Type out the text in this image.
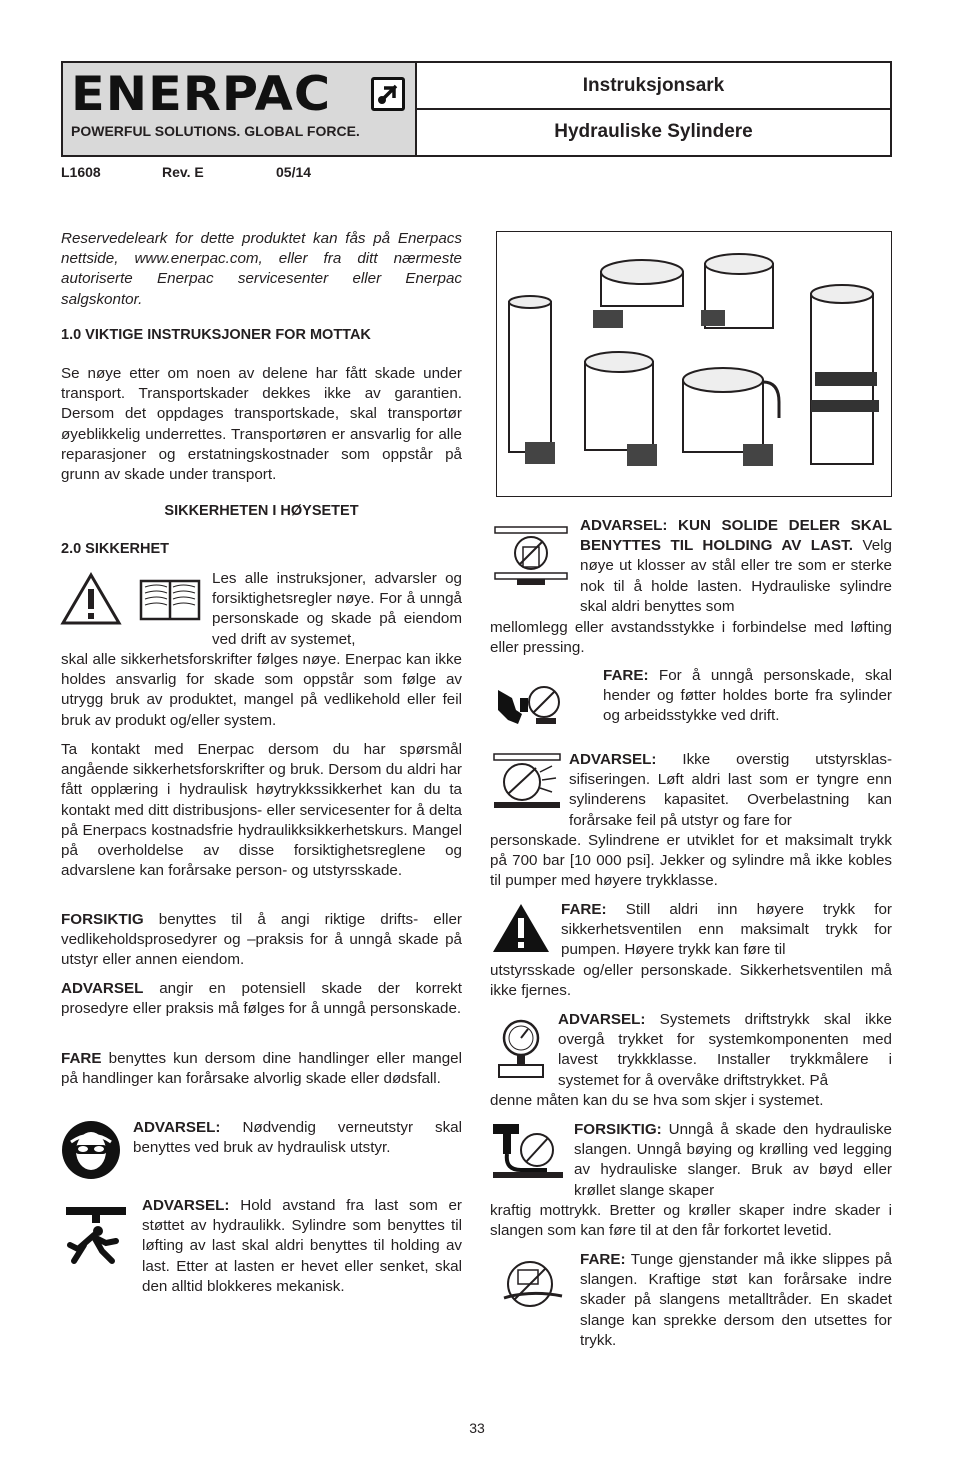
ENERPAC
POWERFUL SOLUTIONS. GLOBAL FORCE.
Instruksjonsark
Hydrauliske Sylindere
L1608	Rev. E	05/14
Reservedeleark for dette produktet kan fås på Enerpacs nettside, www.enerpac.com, eller fra ditt nærmeste autoriserte Enerpac servicesenter eller Enerpac salgskontor.
1.0 VIKTIGE INSTRUKSJONER FOR MOTTAK
Se nøye etter om noen av delene har fått skade under transport. Transportskader dekkes ikke av garantien. Dersom det oppdages transportskade, skal transportør øyeblikkelig underrettes. Transportøren er ansvarlig for alle reparasjoner og erstatningskostnader som oppstår på grunn av skade under transport.
SIKKERHETEN I HØYSETET
2.0 SIKKERHET
Les alle instruksjoner, advarsler og forsiktighetsregler nøye. For å unngå personskade og skade på eiendom ved drift av systemet,
skal alle sikkerhetsforskrifter følges nøye. Enerpac kan ikke holdes ansvarlig for skade som oppstår som følge av utrygg bruk av produktet, mangel på vedlikehold eller feil bruk av produkt og/eller system.
Ta kontakt med Enerpac dersom du har spørsmål angående sikkerhetsforskrifter og bruk. Dersom du aldri har fått opplæring i hydraulisk høytrykkssikkerhet kan du ta kontakt med ditt distribusjons- eller servicesenter for å delta på Enerpacs kostnadsfrie hydraulikksikkerhetskurs. Mangel på overholdelse av disse forsiktighetsreglene og advarslene kan forårsake person- og utstyrsskade.
FORSIKTIG benyttes til å angi riktige drifts- eller vedlikeholdsprosedyrer og –praksis for å unngå skade på utstyr eller annen eiendom.
ADVARSEL angir en potensiell skade der korrekt prosedyre eller praksis må følges for å unngå personskade.
FARE benyttes kun dersom dine handlinger eller mangel på handlinger kan forårsake alvorlig skade eller dødsfall.
ADVARSEL: Nødvendig verneutstyr skal benyttes ved bruk av hydraulisk utstyr.
ADVARSEL: Hold avstand fra last som er støttet av hydraulikk. Sylindre som benyttes til løfting av last skal aldri benyttes til holding av last. Etter at lasten er hevet eller senket, skal den alltid blokkeres mekanisk.
ADVARSEL: KUN SOLIDE DELER SKAL BENYTTES TIL HOLDING AV LAST. Velg nøye ut klosser av stål eller tre som er sterke nok til å holde lasten. Hydrauliske sylindre skal aldri benyttes som
mellomlegg eller avstandsstykke i forbindelse med løfting eller pressing.
FARE: For å unngå personskade, skal hender og føtter holdes borte fra sylinder og arbeidsstykke ved drift.
ADVARSEL: Ikke overstig utstyrsklas-sifiseringen. Løft aldri last som er tyngre enn sylinderens kapasitet. Overbelastning kan forårsake feil på utstyr og fare for
personskade. Sylindrene er utviklet for et maksimalt trykk på 700 bar [10 000 psi]. Jekker og sylindre må ikke kobles til pumper med høyere trykklasse.
FARE: Still aldri inn høyere trykk for sikkerhetsventilen enn maksimalt trykk for pumpen. Høyere trykk kan føre til
utstyrsskade og/eller personskade. Sikkerhetsventilen må ikke fjernes.
ADVARSEL: Systemets driftstrykk skal ikke overgå trykket for systemkomponenten med lavest trykkklasse. Installer trykkmålere i systemet for å overvåke driftstrykket. På
denne måten kan du se hva som skjer i systemet.
FORSIKTIG: Unngå å skade den hydrauliske slangen. Unngå bøying og krølling ved legging av hydrauliske slanger. Bruk av bøyd eller krøllet slange skaper
kraftig mottrykk. Bretter og krøller skaper indre skader i slangen som kan føre til at den får forkortet levetid.
FARE: Tunge gjenstander må ikke slippes på slangen. Kraftige støt kan forårsake indre skader på slangens metalltråder. En skadet slange kan sprekke dersom den utsettes for trykk.
33
